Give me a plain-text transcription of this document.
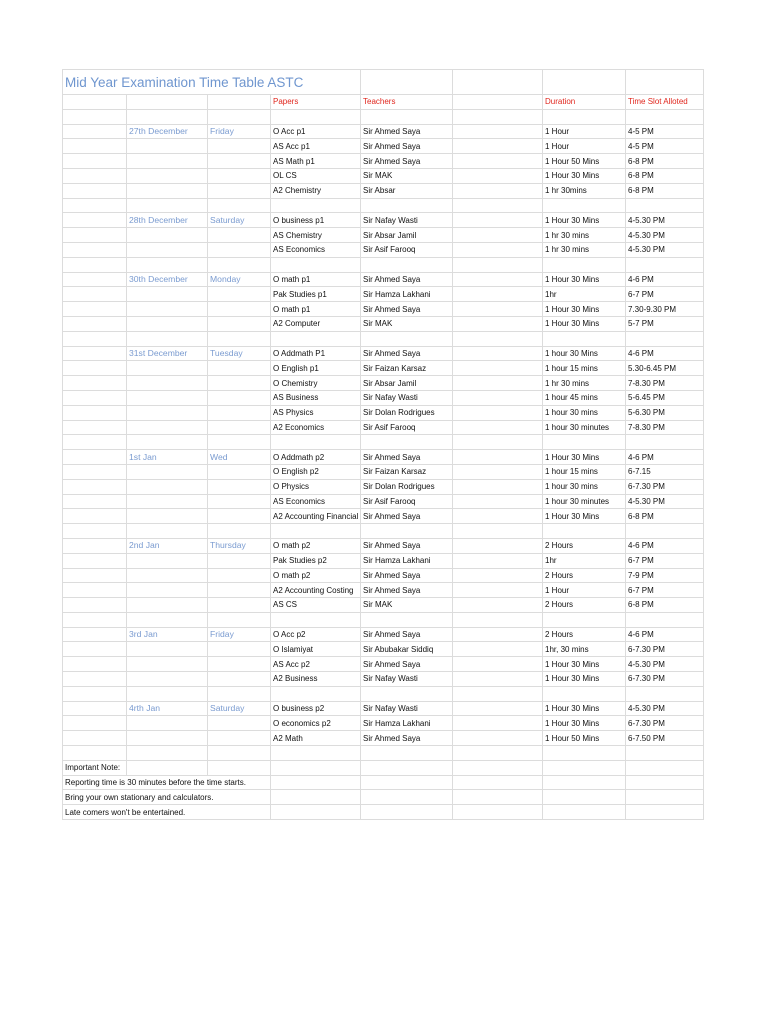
Mid Year Examination Time Table ASTC							
			Papers	Teachers		Duration	Time Slot Alloted

	27th December	Friday	O Acc p1	Sir Ahmed Saya		1 Hour	4-5 PM
			AS Acc p1	Sir Ahmed Saya		1 Hour	4-5 PM
			AS Math p1	Sir Ahmed Saya		1 Hour 50 Mins	6-8 PM
			OL CS	Sir MAK		1 Hour 30 Mins	6-8 PM
			A2 Chemistry	Sir Absar		1 hr 30mins	6-8 PM

	28th December	Saturday	O business p1	Sir Nafay Wasti		1 Hour 30 Mins	4-5.30 PM
			AS Chemistry	Sir Absar Jamil		1 hr 30 mins	4-5.30 PM
			AS Economics	Sir Asif Farooq		1 hr 30 mins	4-5.30 PM

	30th December	Monday	O math p1	Sir Ahmed Saya		1 Hour 30 Mins	4-6 PM
			Pak Studies p1	Sir Hamza Lakhani		1hr	6-7 PM
			O math p1	Sir Ahmed Saya		1 Hour 30 Mins	7.30-9.30 PM
			A2 Computer	Sir MAK		1 Hour 30 Mins	5-7 PM

	31st December	Tuesday	O Addmath P1	Sir Ahmed Saya		1 hour 30 Mins	4-6 PM
			O English p1	Sir Faizan Karsaz		1 hour 15 mins	5.30-6.45 PM
			O Chemistry	Sir Absar Jamil		1 hr 30 mins	7-8.30 PM
			AS Business	Sir Nafay Wasti		1 hour 45 mins	5-6.45 PM
			AS Physics	Sir Dolan Rodrigues		1 hour 30 mins	5-6.30 PM
			A2 Economics	Sir Asif Farooq		1 hour 30 minutes	7-8.30 PM

	1st Jan	Wed	O Addmath p2	Sir Ahmed Saya		1 Hour 30 Mins	4-6 PM
			O English p2	Sir Faizan Karsaz		1 hour 15 mins	6-7.15
			O Physics	Sir Dolan Rodrigues		1 hour 30 mins	6-7.30 PM
			AS Economics	Sir Asif Farooq		1 hour 30 minutes	4-5.30 PM
			A2 Accounting Financial	Sir Ahmed Saya		1 Hour 30 Mins	6-8 PM

	2nd Jan	Thursday	O math p2	Sir Ahmed Saya		2 Hours	4-6 PM
			Pak Studies p2	Sir Hamza Lakhani		1hr	6-7 PM
			O math p2	Sir Ahmed Saya		2 Hours	7-9 PM
			A2 Accounting Costing	Sir Ahmed Saya		1 Hour	6-7 PM
			AS CS	Sir MAK		2 Hours	6-8 PM

	3rd Jan	Friday	O Acc p2	Sir Ahmed Saya		2 Hours	4-6 PM
			O Islamiyat	Sir Abubakar Siddiq		1hr, 30 mins	6-7.30 PM
			AS Acc p2	Sir Ahmed Saya		1 Hour 30 Mins	4-5.30 PM
			A2 Business	Sir Nafay Wasti		1 Hour 30 Mins	6-7.30 PM

	4rth Jan	Saturday	O business p2	Sir Nafay Wasti		1 Hour 30 Mins	4-5.30 PM
			O economics p2	Sir Hamza Lakhani		1 Hour 30 Mins	6-7.30 PM
			A2 Math	Sir Ahmed Saya		1 Hour 50 Mins	6-7.50 PM

Important Note:							
Reporting time is 30 minutes before the time starts.							
Bring your own stationary and calculators.							
Late comers won't be entertained.							
